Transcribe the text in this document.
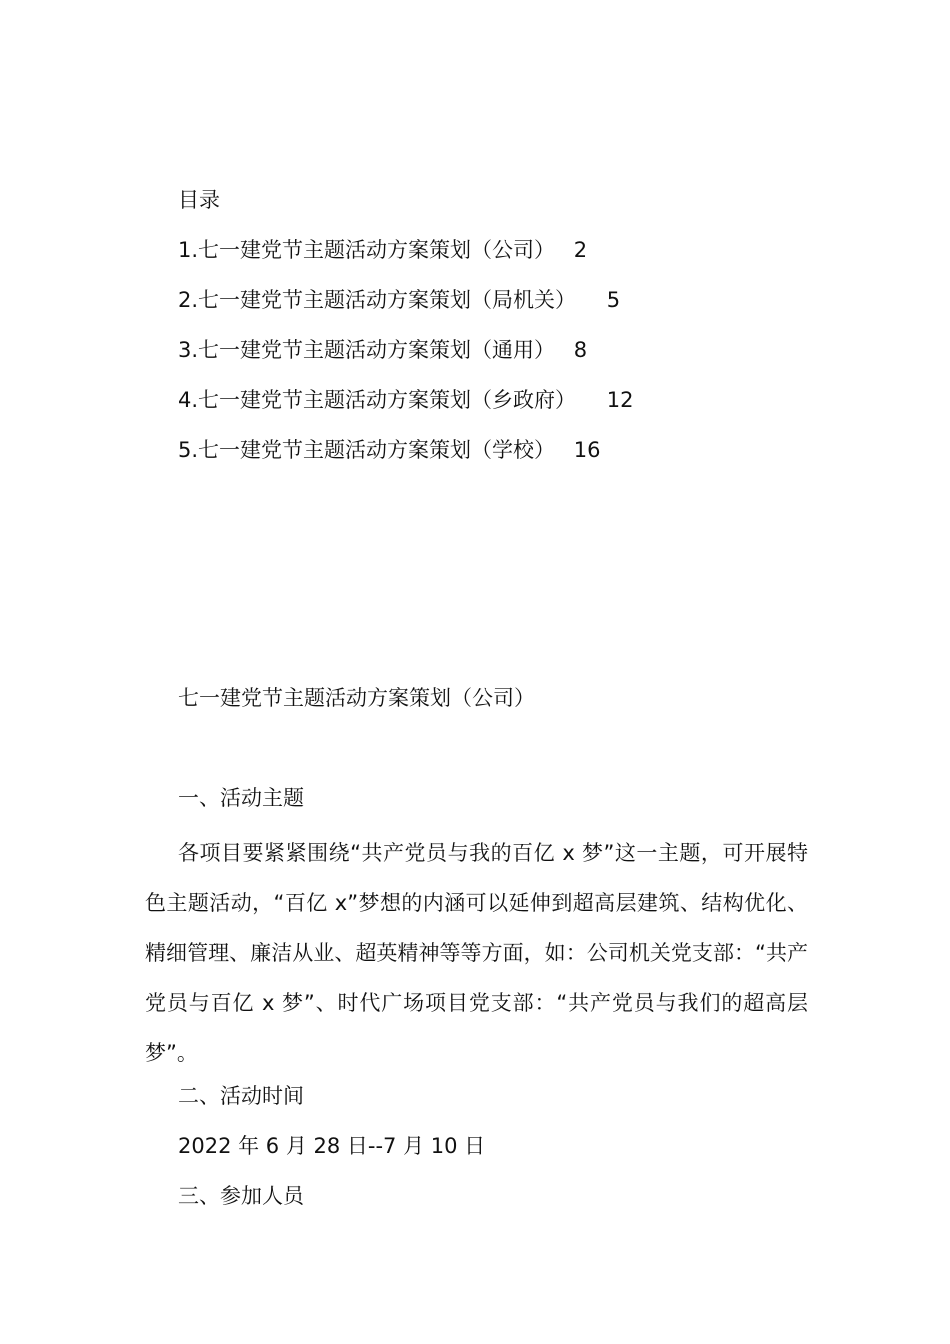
目录
1.七一建党节主题活动方案策划（公司） 2
2.七一建党节主题活动方案策划（局机关） 5
3.七一建党节主题活动方案策划（通用） 8
4.七一建党节主题活动方案策划（乡政府） 12
5.七一建党节主题活动方案策划（学校） 16
七一建党节主题活动方案策划（公司）
一、活动主题

各项目要紧紧围绕“共产党员与我的百亿 x 梦”这一主题，可开展特色主题活动，“百亿 x”梦想的内涵可以延伸到超高层建筑、结构优化、精细管理、廉洁从业、超英精神等等方面，如：公司机关党支部：“共产党员与百亿 x 梦”、时代广场项目党支部：“共产党员与我们的超高层梦”。

二、活动时间
2022 年 6 月 28 日--7 月 10 日
三、参加人员
